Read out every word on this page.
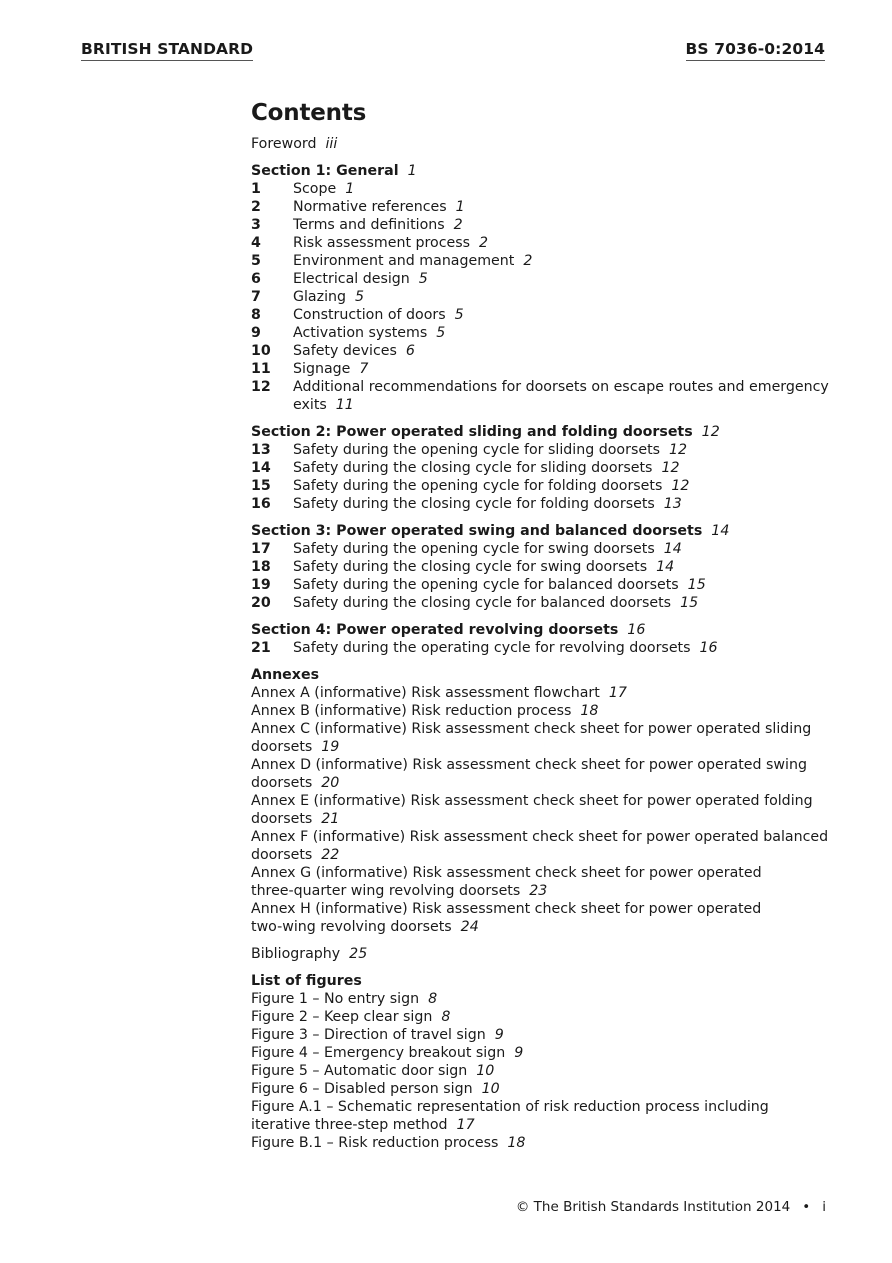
BRITISH STANDARD	BS 7036-0:2014
Contents
Foreword iii
Section 1: General 1
1	Scope 1
2	Normative references 1
3	Terms and definitions 2
4	Risk assessment process 2
5	Environment and management 2
6	Electrical design 5
7	Glazing 5
8	Construction of doors 5
9	Activation systems 5
10	Safety devices 6
11	Signage 7
12	Additional recommendations for doorsets on escape routes and emergency exits 11
Section 2: Power operated sliding and folding doorsets 12
13	Safety during the opening cycle for sliding doorsets 12
14	Safety during the closing cycle for sliding doorsets 12
15	Safety during the opening cycle for folding doorsets 12
16	Safety during the closing cycle for folding doorsets 13
Section 3: Power operated swing and balanced doorsets 14
17	Safety during the opening cycle for swing doorsets 14
18	Safety during the closing cycle for swing doorsets 14
19	Safety during the opening cycle for balanced doorsets 15
20	Safety during the closing cycle for balanced doorsets 15
Section 4: Power operated revolving doorsets 16
21	Safety during the operating cycle for revolving doorsets 16
Annexes
Annex A (informative) Risk assessment flowchart 17
Annex B (informative) Risk reduction process 18
Annex C (informative) Risk assessment check sheet for power operated sliding
doorsets 19
Annex D (informative) Risk assessment check sheet for power operated swing
doorsets 20
Annex E (informative) Risk assessment check sheet for power operated folding
doorsets 21
Annex F (informative) Risk assessment check sheet for power operated balanced
doorsets 22
Annex G (informative) Risk assessment check sheet for power operated
three-quarter wing revolving doorsets 23
Annex H (informative) Risk assessment check sheet for power operated
two-wing revolving doorsets 24
Bibliography 25
List of figures
Figure 1 – No entry sign 8
Figure 2 – Keep clear sign 8
Figure 3 – Direction of travel sign 9
Figure 4 – Emergency breakout sign 9
Figure 5 – Automatic door sign 10
Figure 6 – Disabled person sign 10
Figure A.1 – Schematic representation of risk reduction process including
iterative three-step method 17
Figure B.1 – Risk reduction process 18
© The British Standards Institution 2014 • i
